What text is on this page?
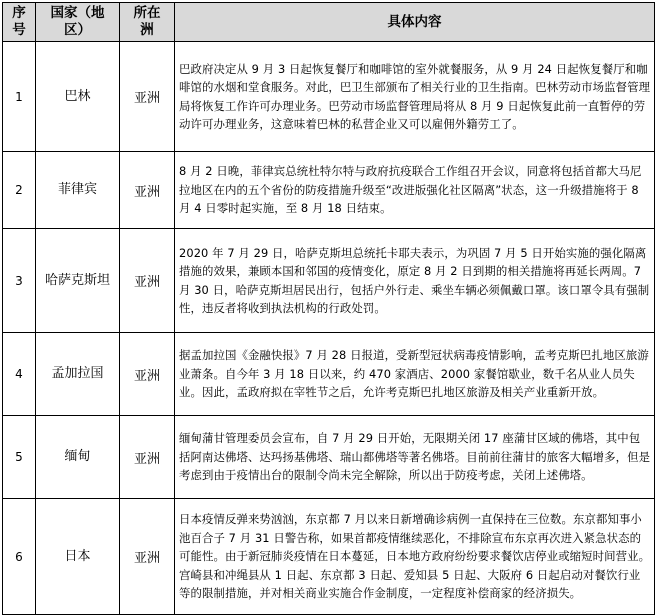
序号	国家（地区）	所在洲	具体内容
1	巴林	亚洲	巴政府决定从 9 月 3 日起恢复餐厅和咖啡馆的室外就餐服务，从 9 月 24 日起恢复餐厅和咖啡馆的水烟和堂食服务。对此，巴卫生部颁布了相关行业的卫生指南。巴林劳动市场监督管理局将恢复工作许可办理业务。巴劳动市场监督管理局将从 8 月 9 日起恢复此前一直暂停的劳动许可办理业务，这意味着巴林的私营企业又可以雇佣外籍劳工了。
2	菲律宾	亚洲	8 月 2 日晚，菲律宾总统杜特尔特与政府抗疫联合工作组召开会议，同意将包括首都大马尼拉地区在内的五个省份的防疫措施升级至“改进版强化社区隔离”状态，这一升级措施将于 8 月 4 日零时起实施，至 8 月 18 日结束。
3	哈萨克斯坦	亚洲	2020 年 7 月 29 日，哈萨克斯坦总统托卡耶夫表示，为巩固 7 月 5 日开始实施的强化隔离措施的效果，兼顾本国和邻国的疫情变化，原定 8 月 2 日到期的相关措施将再延长两周。7 月 30 日，哈萨克斯坦居民出行，包括户外行走、乘坐车辆必须佩戴口罩。该口罩令具有强制性，违反者将收到执法机构的行政处罚。
4	孟加拉国	亚洲	据孟加拉国《金融快报》7 月 28 日报道，受新型冠状病毒疫情影响，孟考克斯巴扎地区旅游业萧条。自今年 3 月 18 日以来，约 470 家酒店、2000 家餐馆歇业，数千名从业人员失业。因此，孟政府拟在宰牲节之后，允许考克斯巴扎地区旅游及相关产业重新开放。
5	缅甸	亚洲	缅甸蒲甘管理委员会宣布，自 7 月 29 日开始，无限期关闭 17 座蒲甘区域的佛塔，其中包括阿南达佛塔、达玛扬基佛塔、瑞山都佛塔等著名佛塔。目前前往蒲甘的旅客大幅增多，但是考虑到由于疫情出台的限制令尚未完全解除，所以出于防疫考虑，关闭上述佛塔。
6	日本	亚洲	日本疫情反弹来势汹汹，东京都 7 月以来日新增确诊病例一直保持在三位数。东京都知事小池百合子 7 月 31 日警告称，如果首都疫情继续恶化，不排除宣布东京再次进入紧急状态的可能性。由于新冠肺炎疫情在日本蔓延，日本地方政府纷纷要求餐饮店停业或缩短时间营业。宫崎县和冲绳县从 1 日起、东京都 3 日起、爱知县 5 日起、大阪府 6 日起启动对餐饮行业等的限制措施，并对相关商业实施合作金制度，一定程度补偿商家的经济损失。
